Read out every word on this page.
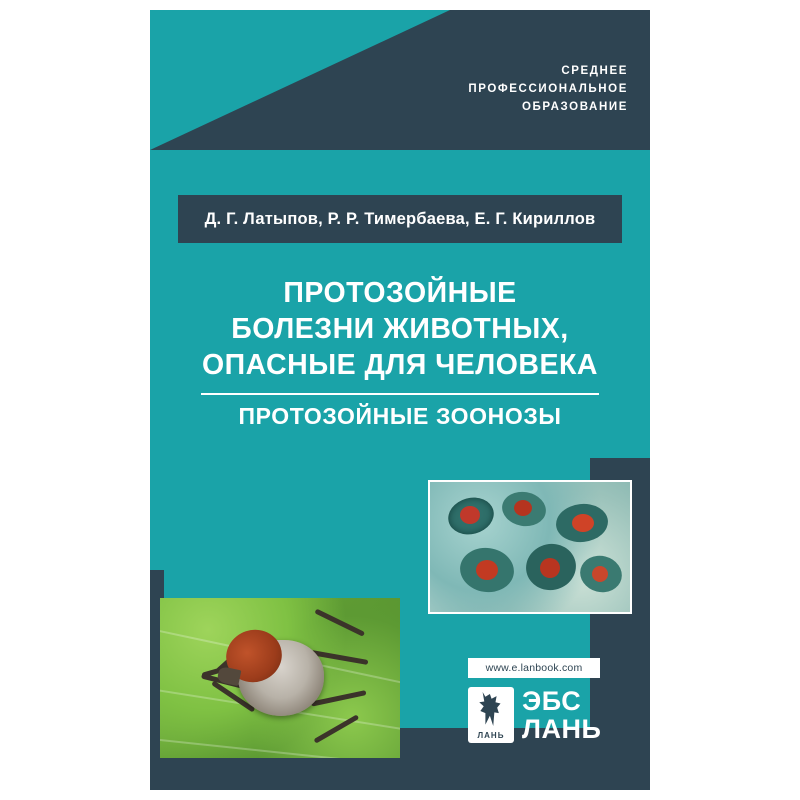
СРЕДНЕЕ
ПРОФЕССИОНАЛЬНОЕ
ОБРАЗОВАНИЕ
Д. Г. Латыпов, Р. Р. Тимербаева, Е. Г. Кириллов
ПРОТОЗОЙНЫЕ
БОЛЕЗНИ ЖИВОТНЫХ,
ОПАСНЫЕ ДЛЯ ЧЕЛОВЕКА
ПРОТОЗОЙНЫЕ ЗООНОЗЫ
www.e.lanbook.com
ЛАНЬ
ЭБС
ЛАНЬ
